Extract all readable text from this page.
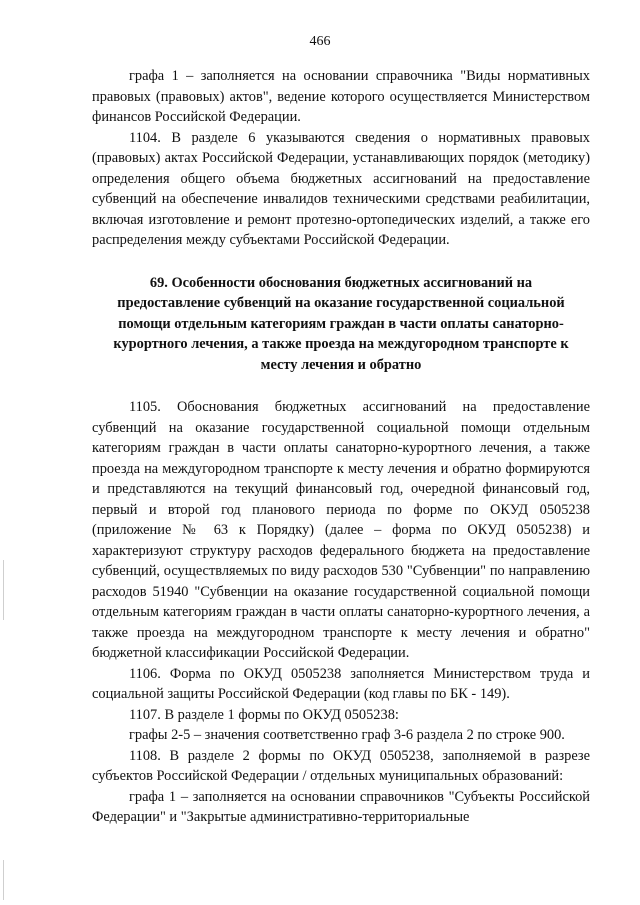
466

графа 1 – заполняется на основании справочника "Виды нормативных правовых (правовых) актов", ведение которого осуществляется Министерством финансов Российской Федерации.

1104. В разделе 6 указываются сведения о нормативных правовых (правовых) актах Российской Федерации, устанавливающих порядок (методику) определения общего объема бюджетных ассигнований на предоставление субвенций на обеспечение инвалидов техническими средствами реабилитации, включая изготовление и ремонт протезно-ортопедических изделий, а также его распределения между субъектами Российской Федерации.

69. Особенности обоснования бюджетных ассигнований на предоставление субвенций на оказание государственной социальной помощи отдельным категориям граждан в части оплаты санаторно-курортного лечения, а также проезда на междугородном транспорте к месту лечения и обратно

1105. Обоснования бюджетных ассигнований на предоставление субвенций на оказание государственной социальной помощи отдельным категориям граждан в части оплаты санаторно-курортного лечения, а также проезда на междугородном транспорте к месту лечения и обратно формируются и представляются на текущий финансовый год, очередной финансовый год, первый и второй год планового периода по форме по ОКУД 0505238 (приложение № 63 к Порядку) (далее – форма по ОКУД 0505238) и характеризуют структуру расходов федерального бюджета на предоставление субвенций, осуществляемых по виду расходов 530 "Субвенции" по направлению расходов 51940 "Субвенции на оказание государственной социальной помощи отдельным категориям граждан в части оплаты санаторно-курортного лечения, а также проезда на междугородном транспорте к месту лечения и обратно" бюджетной классификации Российской Федерации.

1106. Форма по ОКУД 0505238 заполняется Министерством труда и социальной защиты Российской Федерации (код главы по БК - 149).

1107. В разделе 1 формы по ОКУД 0505238:

графы 2-5 – значения соответственно граф 3-6 раздела 2 по строке 900.

1108. В разделе 2 формы по ОКУД 0505238, заполняемой в разрезе субъектов Российской Федерации / отдельных муниципальных образований:

графа 1 – заполняется на основании справочников "Субъекты Российской Федерации" и "Закрытые административно-территориальные
